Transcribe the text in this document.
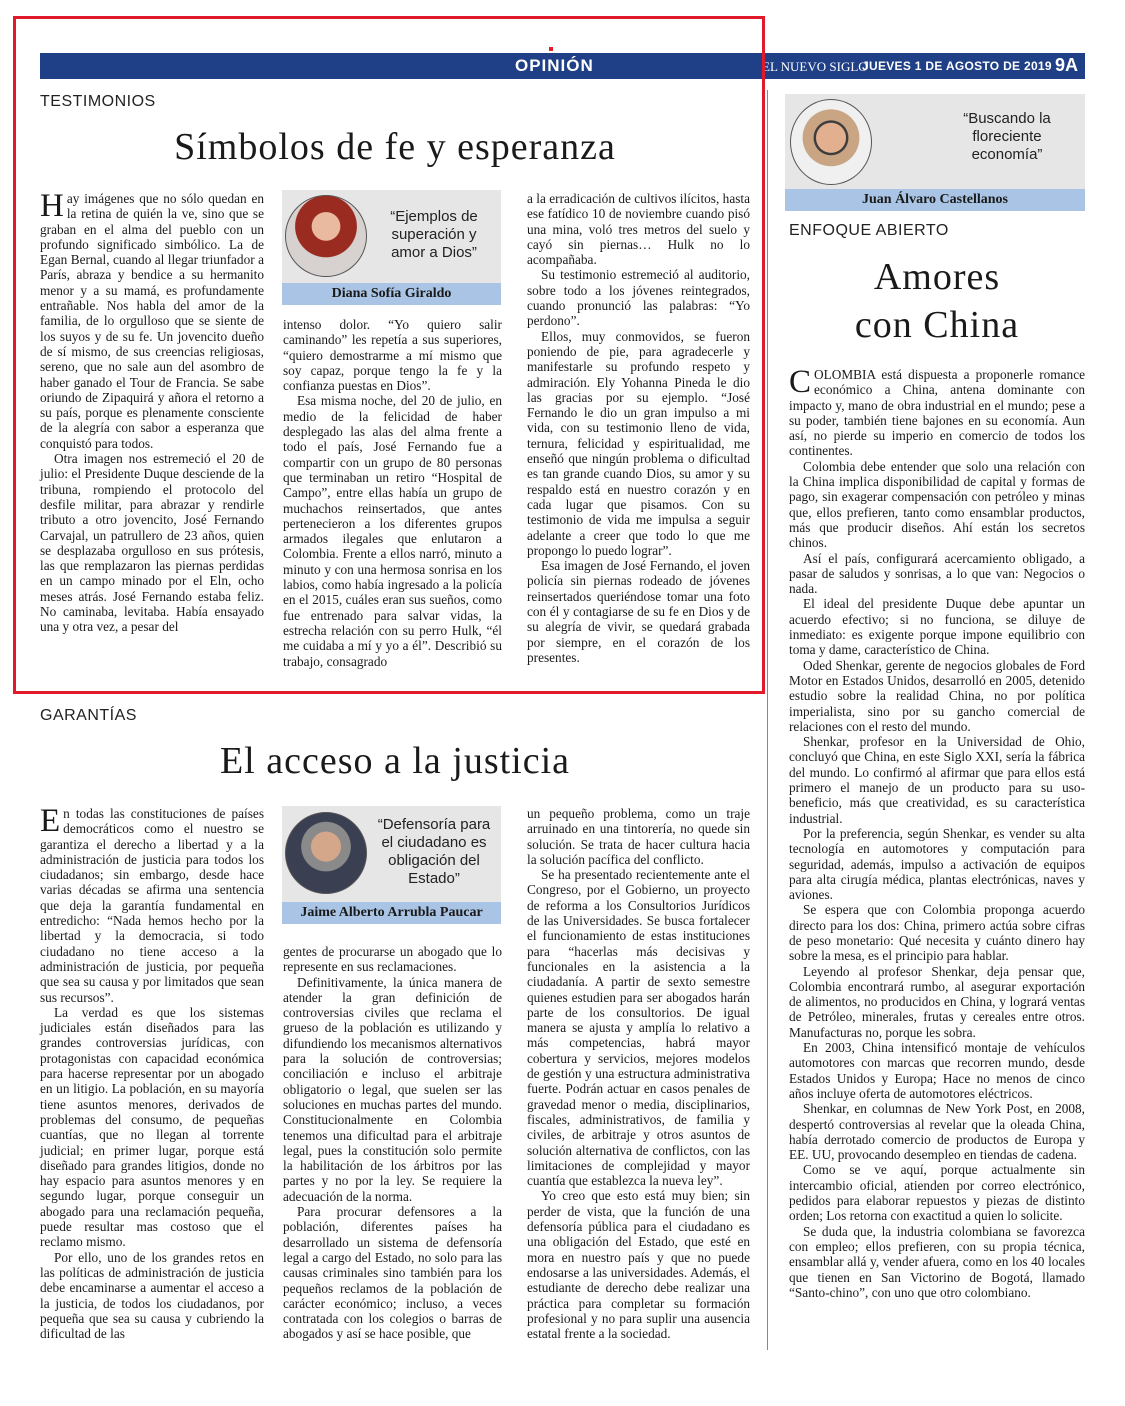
OPINIÓN	EL NUEVO SIGLO
JUEVES 1 DE AGOSTO DE 2019 9A

TESTIMONIOS

Símbolos de fe y esperanza

Hay imágenes que no sólo quedan en la retina de quién la ve, sino que se graban en el alma del pueblo con un profundo significado simbólico. La de Egan Bernal, cuando al llegar triunfador a París, abraza y bendice a su hermanito menor y a su mamá, es profundamente entrañable. Nos habla del amor de la familia, de lo orgulloso que se siente de los suyos y de su fe. Un jovencito dueño de sí mismo, de sus creencias religiosas, sereno, que no sale aun del asombro de haber ganado el Tour de Francia. Se sabe oriundo de Zipaquirá y añora el retorno a su país, porque es plenamente consciente de la alegría con sabor a esperanza que conquistó para todos.

Otra imagen nos estremeció el 20 de julio: el Presidente Duque desciende de la tribuna, rompiendo el protocolo del desfile militar, para abrazar y rendirle tributo a otro jovencito, José Fernando Carvajal, un patrullero de 23 años, quien se desplazaba orgulloso en sus prótesis, las que remplazaron las piernas perdidas en un campo minado por el Eln, ocho meses atrás. José Fernando estaba feliz. No caminaba, levitaba. Había ensayado una y otra vez, a pesar del

“Ejemplos de superación y amor a Dios”
Diana Sofía Giraldo

intenso dolor. “Yo quiero salir caminando” les repetía a sus superiores, “quiero demostrarme a mí mismo que soy capaz, porque tengo la fe y la confianza puestas en Dios”.

Esa misma noche, del 20 de julio, en medio de la felicidad de haber desplegado las alas del alma frente a todo el país, José Fernando fue a compartir con un grupo de 80 personas que terminaban un retiro “Hospital de Campo”, entre ellas había un grupo de muchachos reinsertados, que antes pertenecieron a los diferentes grupos armados ilegales que enlutaron a Colombia. Frente a ellos narró, minuto a minuto y con una hermosa sonrisa en los labios, como había ingresado a la policía en el 2015, cuáles eran sus sueños, como fue entrenado para salvar vidas, la estrecha relación con su perro Hulk, “él me cuidaba a mí y yo a él”. Describió su trabajo, consagrado

a la erradicación de cultivos ilícitos, hasta ese fatídico 10 de noviembre cuando pisó una mina, voló tres metros del suelo y cayó sin piernas… Hulk no lo acompañaba.

Su testimonio estremeció al auditorio, sobre todo a los jóvenes reintegrados, cuando pronunció las palabras: “Yo perdono”.

Ellos, muy conmovidos, se fueron poniendo de pie, para agradecerle y manifestarle su profundo respeto y admiración. Ely Yohanna Pineda le dio las gracias por su ejemplo. “José Fernando le dio un gran impulso a mi vida, con su testimonio lleno de vida, ternura, felicidad y espiritualidad, me enseñó que ningún problema o dificultad es tan grande cuando Dios, su amor y su respaldo está en nuestro corazón y en cada lugar que pisamos. Con su testimonio de vida me impulsa a seguir adelante a creer que todo lo que me propongo lo puedo lograr”.

Esa imagen de José Fernando, el joven policía sin piernas rodeado de jóvenes reinsertados queriéndose tomar una foto con él y contagiarse de su fe en Dios y de su alegría de vivir, se quedará grabada por siempre, en el corazón de los presentes.

GARANTÍAS

El acceso a la justicia

En todas las constituciones de países democráticos como el nuestro se garantiza el derecho a libertad y a la administración de justicia para todos los ciudadanos; sin embargo, desde hace varias décadas se afirma una sentencia que deja la garantía fundamental en entredicho: “Nada hemos hecho por la libertad y la democracia, si todo ciudadano no tiene acceso a la administración de justicia, por pequeña que sea su causa y por limitados que sean sus recursos”.

La verdad es que los sistemas judiciales están diseñados para las grandes controversias jurídicas, con protagonistas con capacidad económica para hacerse representar por un abogado en un litigio. La población, en su mayoría tiene asuntos menores, derivados de problemas del consumo, de pequeñas cuantías, que no llegan al torrente judicial; en primer lugar, porque está diseñado para grandes litigios, donde no hay espacio para asuntos menores y en segundo lugar, porque conseguir un abogado para una reclamación pequeña, puede resultar mas costoso que el reclamo mismo.

Por ello, uno de los grandes retos en las políticas de administración de justicia debe encaminarse a aumentar el acceso a la justicia, de todos los ciudadanos, por pequeña que sea su causa y cubriendo la dificultad de las

“Defensoría para el ciudadano es obligación del Estado”
Jaime Alberto Arrubla Paucar

gentes de procurarse un abogado que lo represente en sus reclamaciones.

Definitivamente, la única manera de atender la gran definición de controversias civiles que reclama el grueso de la población es utilizando y difundiendo los mecanismos alternativos para la solución de controversias; conciliación e incluso el arbitraje obligatorio o legal, que suelen ser las soluciones en muchas partes del mundo. Constitucionalmente en Colombia tenemos una dificultad para el arbitraje legal, pues la constitución solo permite la habilitación de los árbitros por las partes y no por la ley. Se requiere la adecuación de la norma.

Para procurar defensores a la población, diferentes países ha desarrollado un sistema de defensoría legal a cargo del Estado, no solo para las causas criminales sino también para los pequeños reclamos de la población de carácter económico; incluso, a veces contratada con los colegios o barras de abogados y así se hace posible, que

un pequeño problema, como un traje arruinado en una tintorería, no quede sin solución. Se trata de hacer cultura hacia la solución pacífica del conflicto.

Se ha presentado recientemente ante el Congreso, por el Gobierno, un proyecto de reforma a los Consultorios Jurídicos de las Universidades. Se busca fortalecer el funcionamiento de estas instituciones para “hacerlas más decisivas y funcionales en la asistencia a la ciudadanía. A partir de sexto semestre quienes estudien para ser abogados harán parte de los consultorios. De igual manera se ajusta y amplía lo relativo a más competencias, habrá mayor cobertura y servicios, mejores modelos de gestión y una estructura administrativa fuerte. Podrán actuar en casos penales de gravedad menor o media, disciplinarios, fiscales, administrativos, de familia y civiles, de arbitraje y otros asuntos de solución alternativa de conflictos, con las limitaciones de complejidad y mayor cuantía que establezca la nueva ley”.

Yo creo que esto está muy bien; sin perder de vista, que la función de una defensoría pública para el ciudadano es una obligación del Estado, que esté en mora en nuestro país y que no puede endosarse a las universidades. Además, el estudiante de derecho debe realizar una práctica para completar su formación profesional y no para suplir una ausencia estatal frente a la sociedad.

“Buscando la floreciente economía”
Juan Álvaro Castellanos

ENFOQUE ABIERTO

Amores
con China

COLOMBIA está dispuesta a proponerle romance económico a China, antena dominante con impacto y, mano de obra industrial en el mundo; pese a su poder, también tiene bajones en su economía. Aun así, no pierde su imperio en comercio de todos los continentes.

Colombia debe entender que solo una relación con la China implica disponibilidad de capital y formas de pago, sin exagerar compensación con petróleo y minas que, ellos prefieren, tanto como ensamblar productos, más que producir diseños. Ahí están los secretos chinos.

Así el país, configurará acercamiento obligado, a pasar de saludos y sonrisas, a lo que van: Negocios o nada.

El ideal del presidente Duque debe apuntar un acuerdo efectivo; si no funciona, se diluye de inmediato: es exigente porque impone equilibrio con toma y dame, característico de China.

Oded Shenkar, gerente de negocios globales de Ford Motor en Estados Unidos, desarrolló en 2005, detenido estudio sobre la realidad China, no por política imperialista, sino por su gancho comercial de relaciones con el resto del mundo.

Shenkar, profesor en la Universidad de Ohio, concluyó que China, en este Siglo XXI, sería la fábrica del mundo. Lo confirmó al afirmar que para ellos está primero el manejo de un producto para su uso-beneficio, más que creatividad, es su característica industrial.

Por la preferencia, según Shenkar, es vender su alta tecnología en automotores y computación para seguridad, además, impulso a activación de equipos para alta cirugía médica, plantas electrónicas, naves y aviones.

Se espera que con Colombia proponga acuerdo directo para los dos: China, primero actúa sobre cifras de peso monetario: Qué necesita y cuánto dinero hay sobre la mesa, es el principio para hablar.

Leyendo al profesor Shenkar, deja pensar que, Colombia encontrará rumbo, al asegurar exportación de alimentos, no producidos en China, y logrará ventas de Petróleo, minerales, frutas y cereales entre otros. Manufacturas no, porque les sobra.

En 2003, China intensificó montaje de vehículos automotores con marcas que recorren mundo, desde Estados Unidos y Europa; Hace no menos de cinco años incluye oferta de automotores eléctricos.

Shenkar, en columnas de New York Post, en 2008, despertó controversias al revelar que la oleada China, había derrotado comercio de productos de Europa y EE. UU, provocando desempleo en tiendas de cadena.

Como se ve aquí, porque actualmente sin intercambio oficial, atienden por correo electrónico, pedidos para elaborar repuestos y piezas de distinto orden; Los retorna con exactitud a quien lo solicite.

Se duda que, la industria colombiana se favorezca con empleo; ellos prefieren, con su propia técnica, ensamblar allá y, vender afuera, como en los 40 locales que tienen en San Victorino de Bogotá, llamado “Santo-chino”, con uno que otro colombiano.
